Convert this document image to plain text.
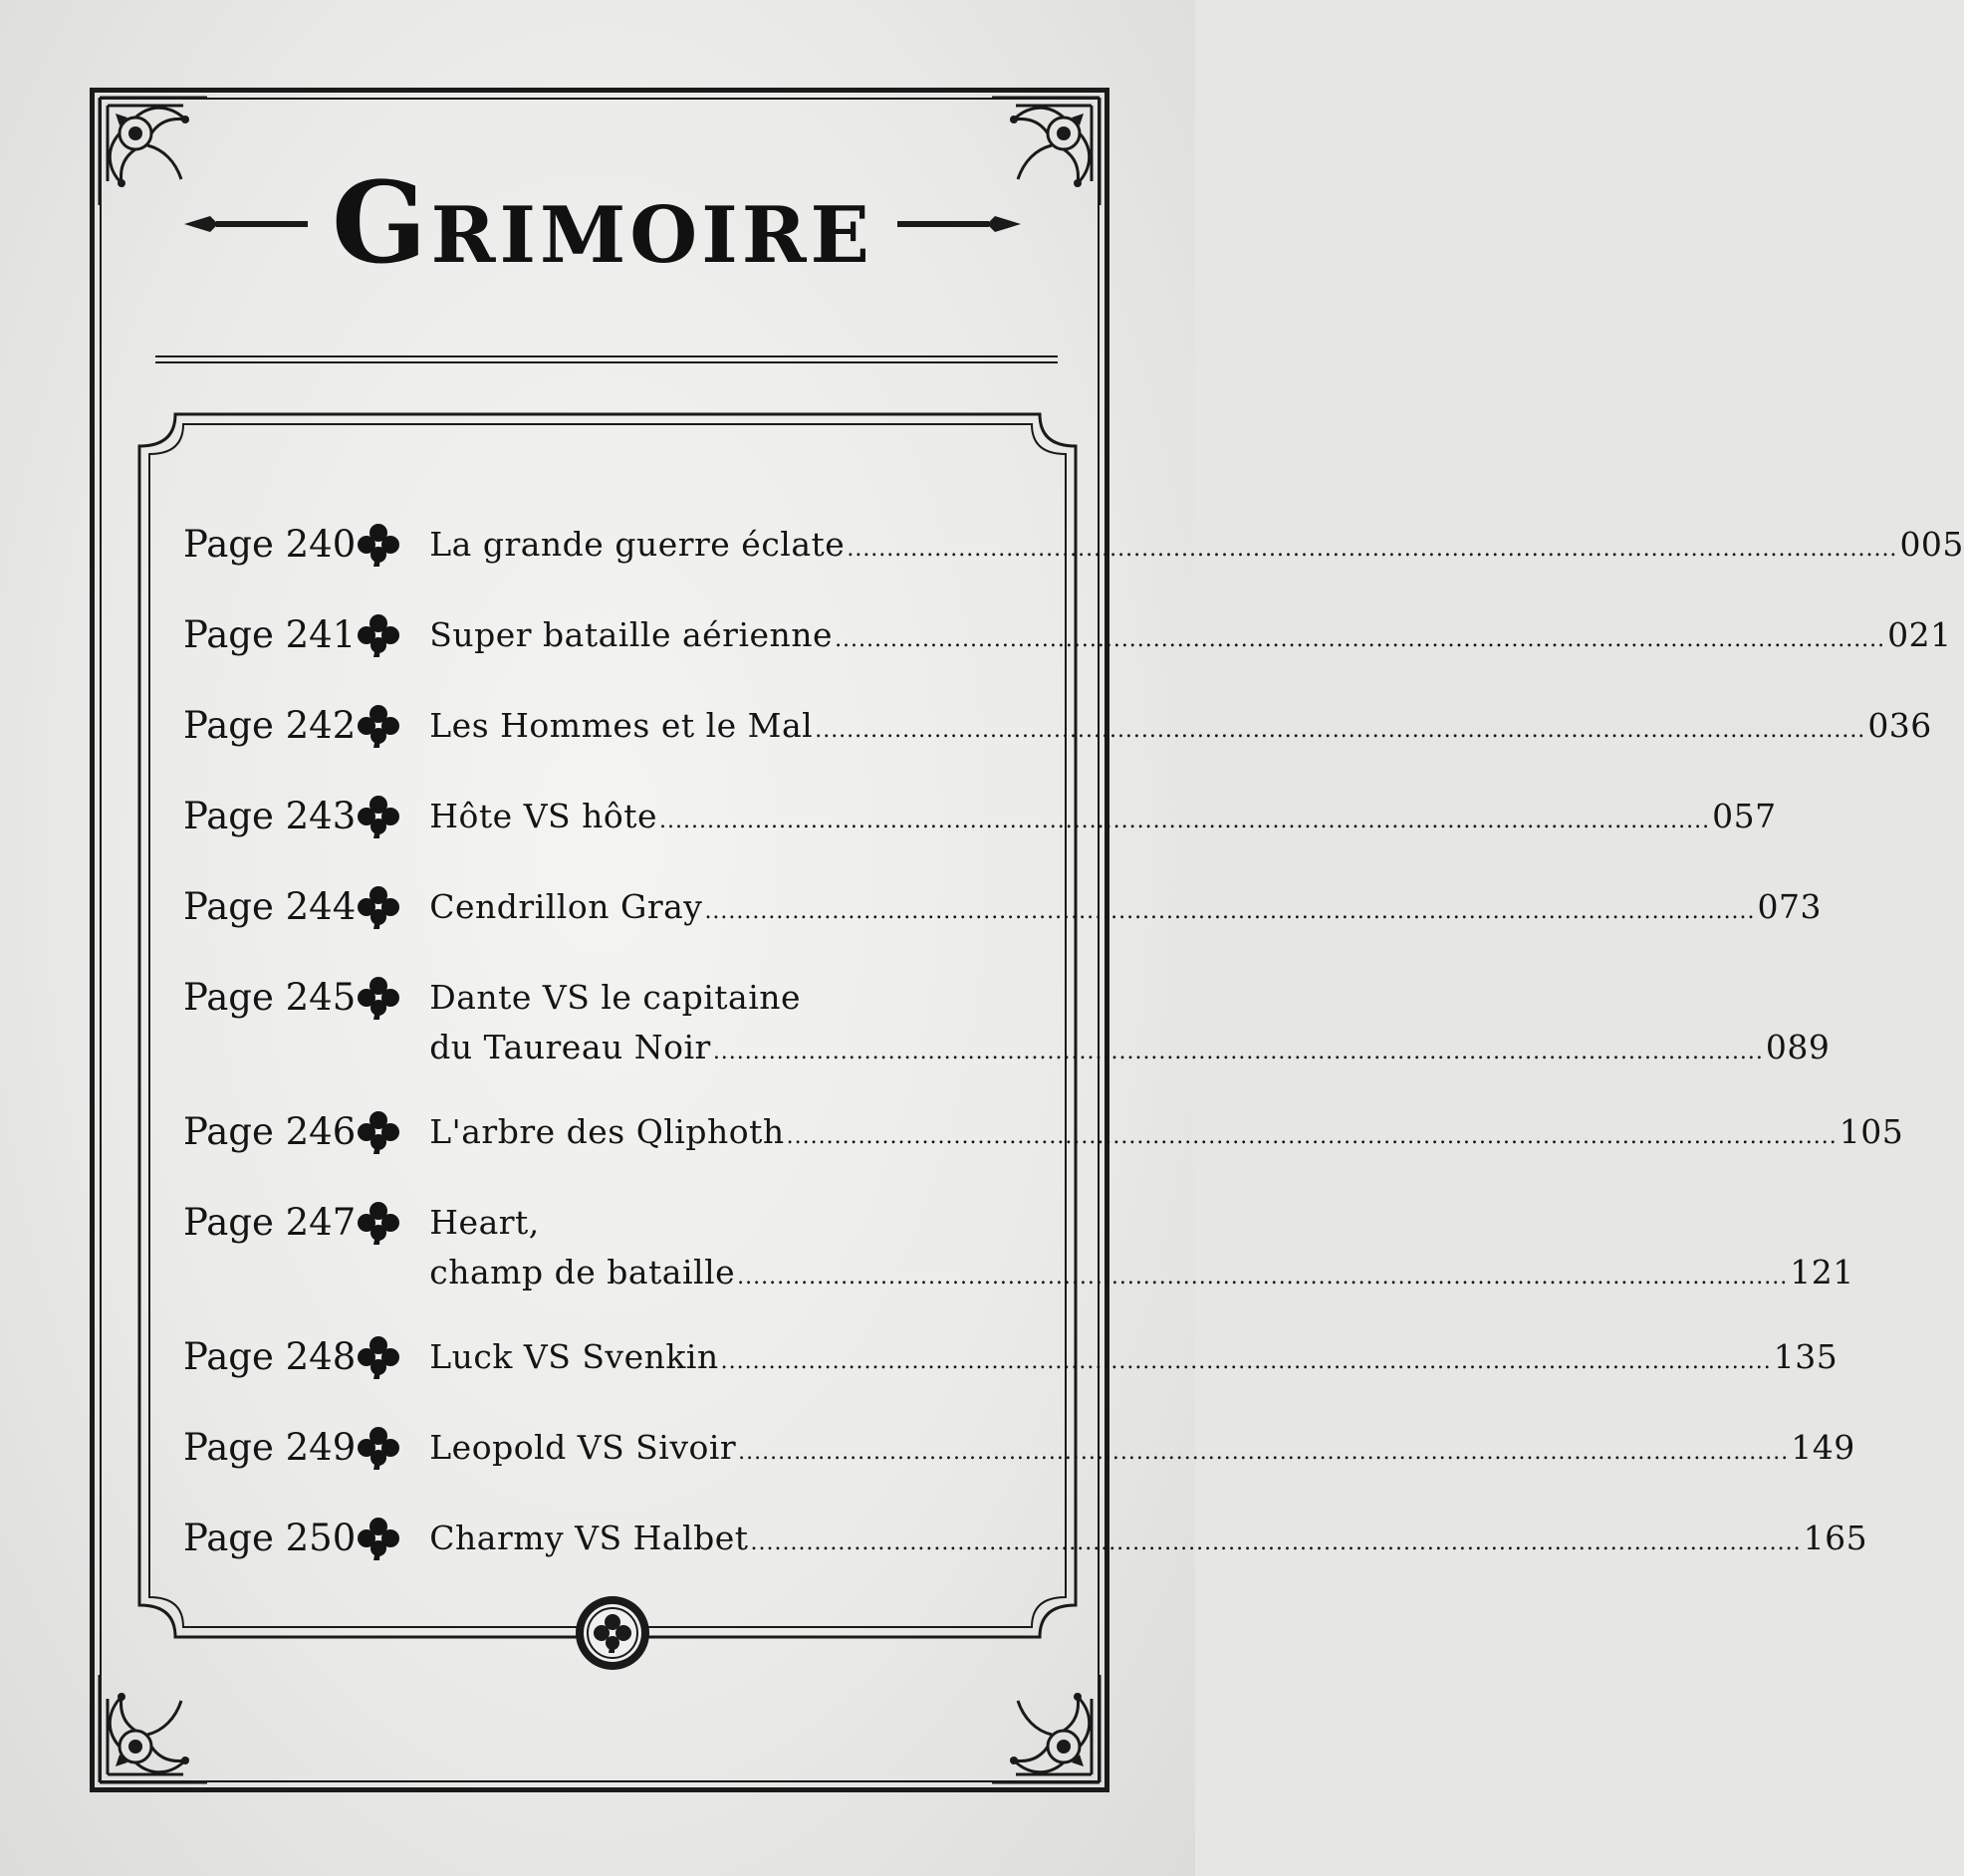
Grimoire
Page 240 La grande guerre éclate .....	005
Page 241 Super bataille aérienne .....	021
Page 242 Les Hommes et le Mal .....	036
Page 243 Hôte VS hôte .....	057
Page 244 Cendrillon Gray .....	073
Page 245 Dante VS le capitaine
du Taureau Noir .....	089
Page 246 L'arbre des Qliphoth .....	105
Page 247 Heart,
champ de bataille .....	121
Page 248 Luck VS Svenkin .....	135
Page 249 Leopold VS Sivoir .....	149
Page 250 Charmy VS Halbet .....	165
